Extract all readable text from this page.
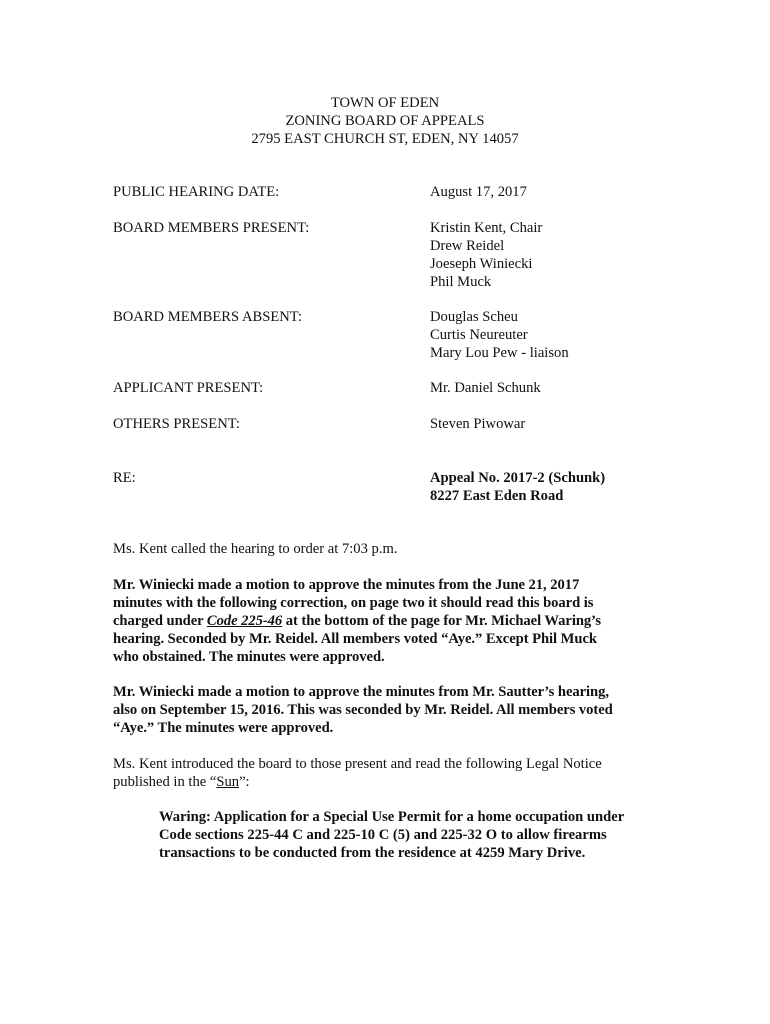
TOWN OF EDEN
ZONING BOARD OF APPEALS
2795 EAST CHURCH ST, EDEN, NY 14057
PUBLIC HEARING DATE:	August 17, 2017
BOARD MEMBERS PRESENT:	Kristin Kent, Chair
Drew Reidel
Joeseph Winiecki
Phil Muck
BOARD MEMBERS ABSENT:	Douglas Scheu
Curtis Neureuter
Mary Lou Pew - liaison
APPLICANT PRESENT:	Mr. Daniel Schunk
OTHERS PRESENT:	Steven Piwowar
RE:	Appeal No. 2017-2 (Schunk)
8227 East Eden Road
Ms. Kent called the hearing to order at 7:03 p.m.
Mr. Winiecki made a motion to approve the minutes from the June 21, 2017
minutes with the following correction, on page two it should read this board is
charged under Code 225-46 at the bottom of the page for Mr. Michael Waring’s
hearing. Seconded by Mr. Reidel. All members voted “Aye.” Except Phil Muck
who obstained. The minutes were approved.
Mr. Winiecki made a motion to approve the minutes from Mr. Sautter’s hearing,
also on September 15, 2016. This was seconded by Mr. Reidel. All members voted
“Aye.” The minutes were approved.
Ms. Kent introduced the board to those present and read the following Legal Notice
published in the “Sun”:
Waring: Application for a Special Use Permit for a home occupation under
Code sections 225-44 C and 225-10 C (5) and 225-32 O to allow firearms
transactions to be conducted from the residence at 4259 Mary Drive.
